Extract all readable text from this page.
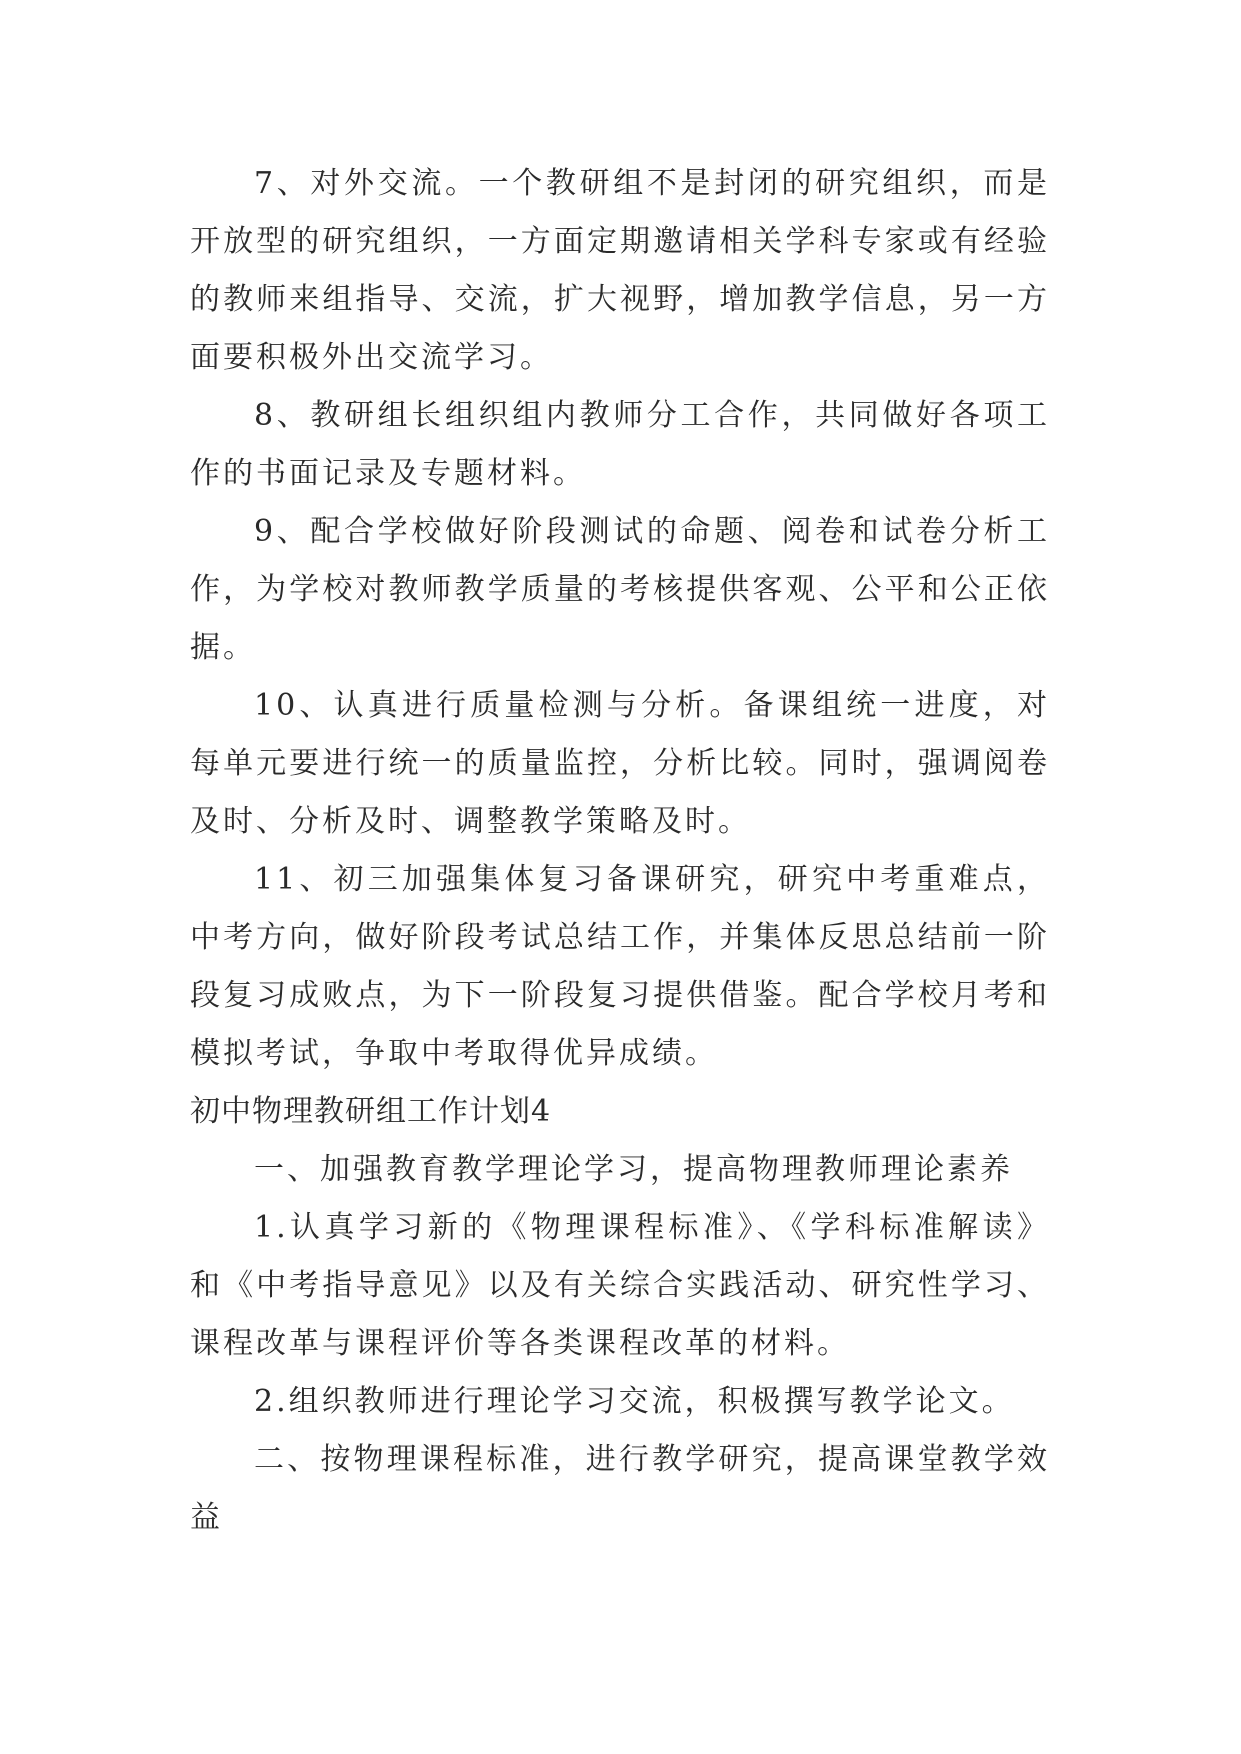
7、对外交流。一个教研组不是封闭的研究组织，而是开放型的研究组织，一方面定期邀请相关学科专家或有经验的教师来组指导、交流，扩大视野，增加教学信息，另一方面要积极外出交流学习。

8、教研组长组织组内教师分工合作，共同做好各项工作的书面记录及专题材料。

9、配合学校做好阶段测试的命题、阅卷和试卷分析工作，为学校对教师教学质量的考核提供客观、公平和公正依据。

10、认真进行质量检测与分析。备课组统一进度，对每单元要进行统一的质量监控，分析比较。同时，强调阅卷及时、分析及时、调整教学策略及时。

11、初三加强集体复习备课研究，研究中考重难点，中考方向，做好阶段考试总结工作，并集体反思总结前一阶段复习成败点，为下一阶段复习提供借鉴。配合学校月考和模拟考试，争取中考取得优异成绩。

初中物理教研组工作计划4

一、加强教育教学理论学习，提高物理教师理论素养

1.认真学习新的《物理课程标准》、《学科标准解读》和《中考指导意见》以及有关综合实践活动、研究性学习、课程改革与课程评价等各类课程改革的材料。

2.组织教师进行理论学习交流，积极撰写教学论文。

二、按物理课程标准，进行教学研究，提高课堂教学效益
